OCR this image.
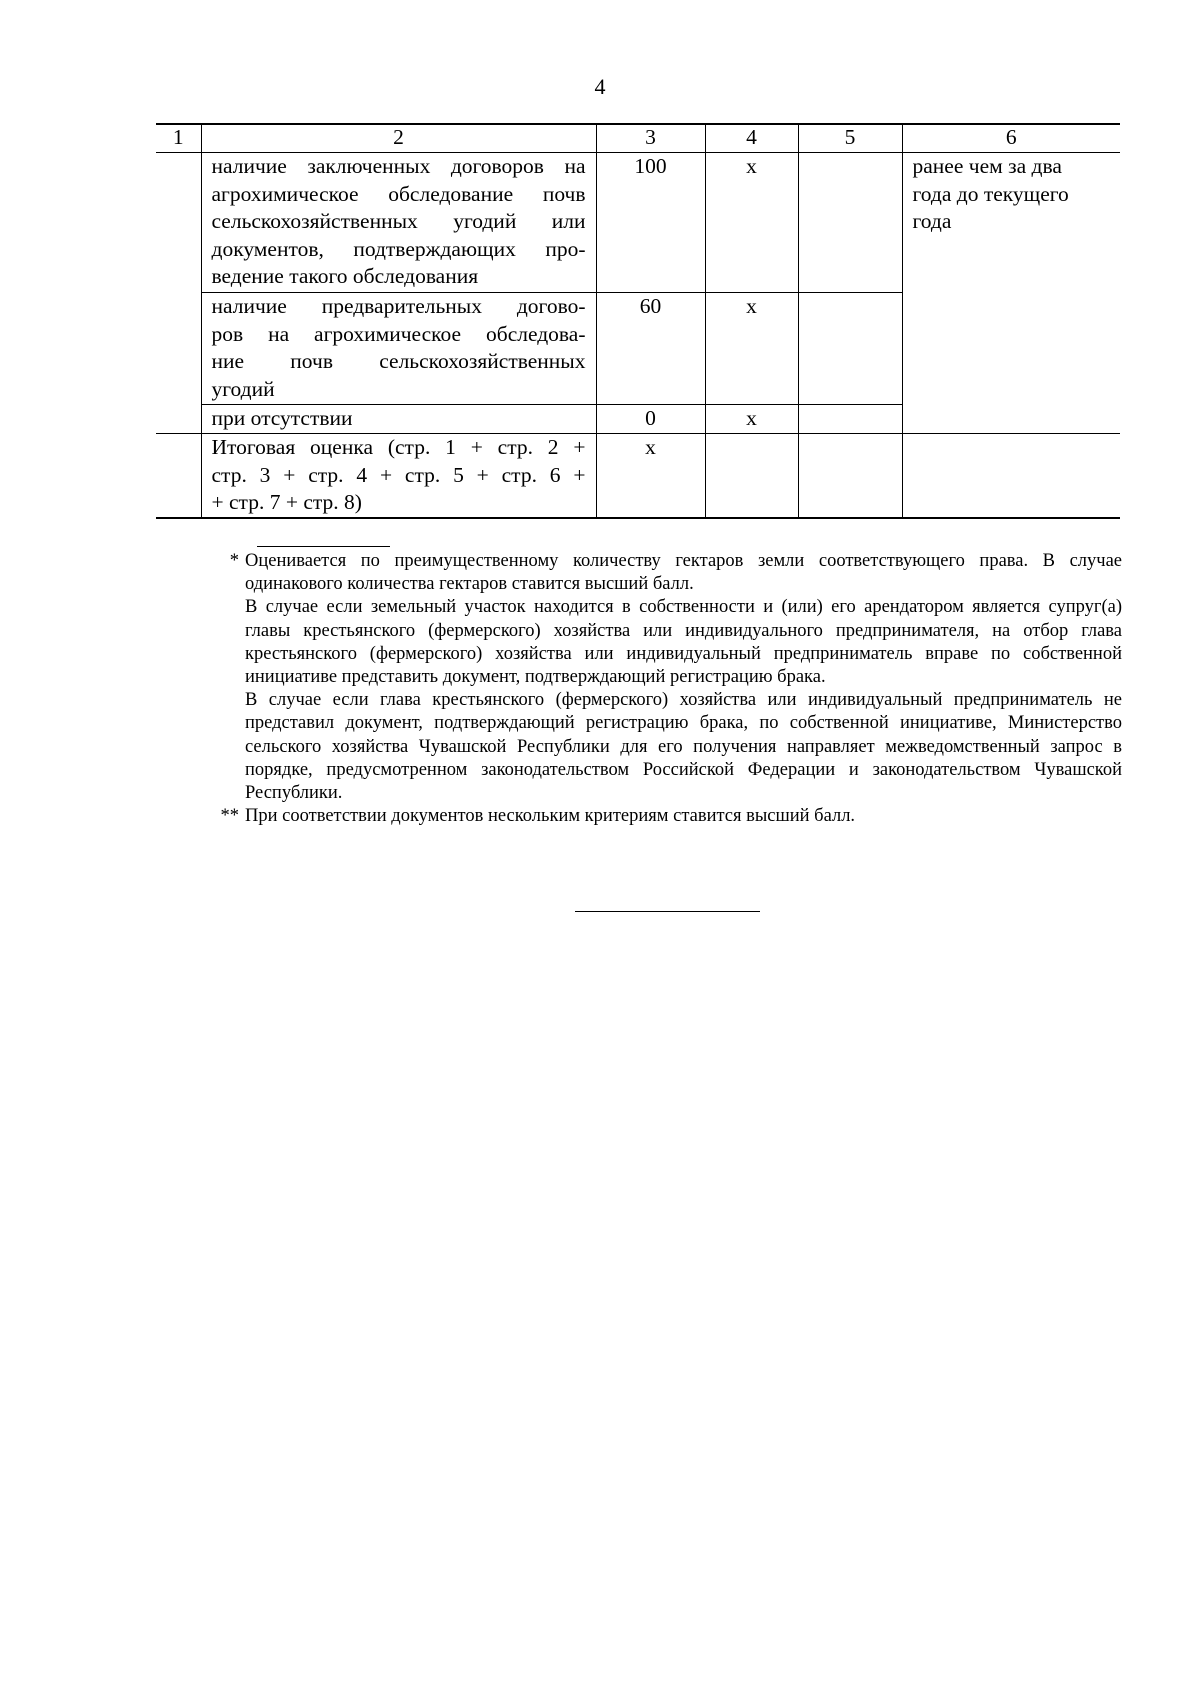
4
1	2	3	4	5	6

	наличие заключенных договоров на
агрохимическое обследование почв
сельскохозяйственных угодий или
документов, подтверждающих про-
ведение такого обследования	100	х		ранее чем за два
года до текущего
года

	наличие предварительных догово-
ров на агрохимическое обследова-
ние почв сельскохозяйственных
угодий	60	х		

	при отсутствии	0	х		

	Итоговая оценка (стр. 1 + стр. 2 +
стр. 3 + стр. 4 + стр. 5 + стр. 6 +
+ стр. 7 + стр. 8)	х			
* Оценивается по преимущественному количеству гектаров земли соответствующего права. В случае одинакового количества гектаров ставится высший балл.

В случае если земельный участок находится в собственности и (или) его арендатором является супруг(а) главы крестьянского (фермерского) хозяйства или индивидуального предпринимателя, на отбор глава крестьянского (фермерского) хозяйства или индивидуальный предприниматель вправе по собственной инициативе представить документ, подтверждающий регистрацию брака.

В случае если глава крестьянского (фермерского) хозяйства или индивидуальный предприниматель не представил документ, подтверждающий регистрацию брака, по собственной инициативе, Министерство сельского хозяйства Чувашской Республики для его получения направляет межведомственный запрос в порядке, предусмотренном законодательством Российской Федерации и законодательством Чувашской Республики.

** При соответствии документов нескольким критериям ставится высший балл.
